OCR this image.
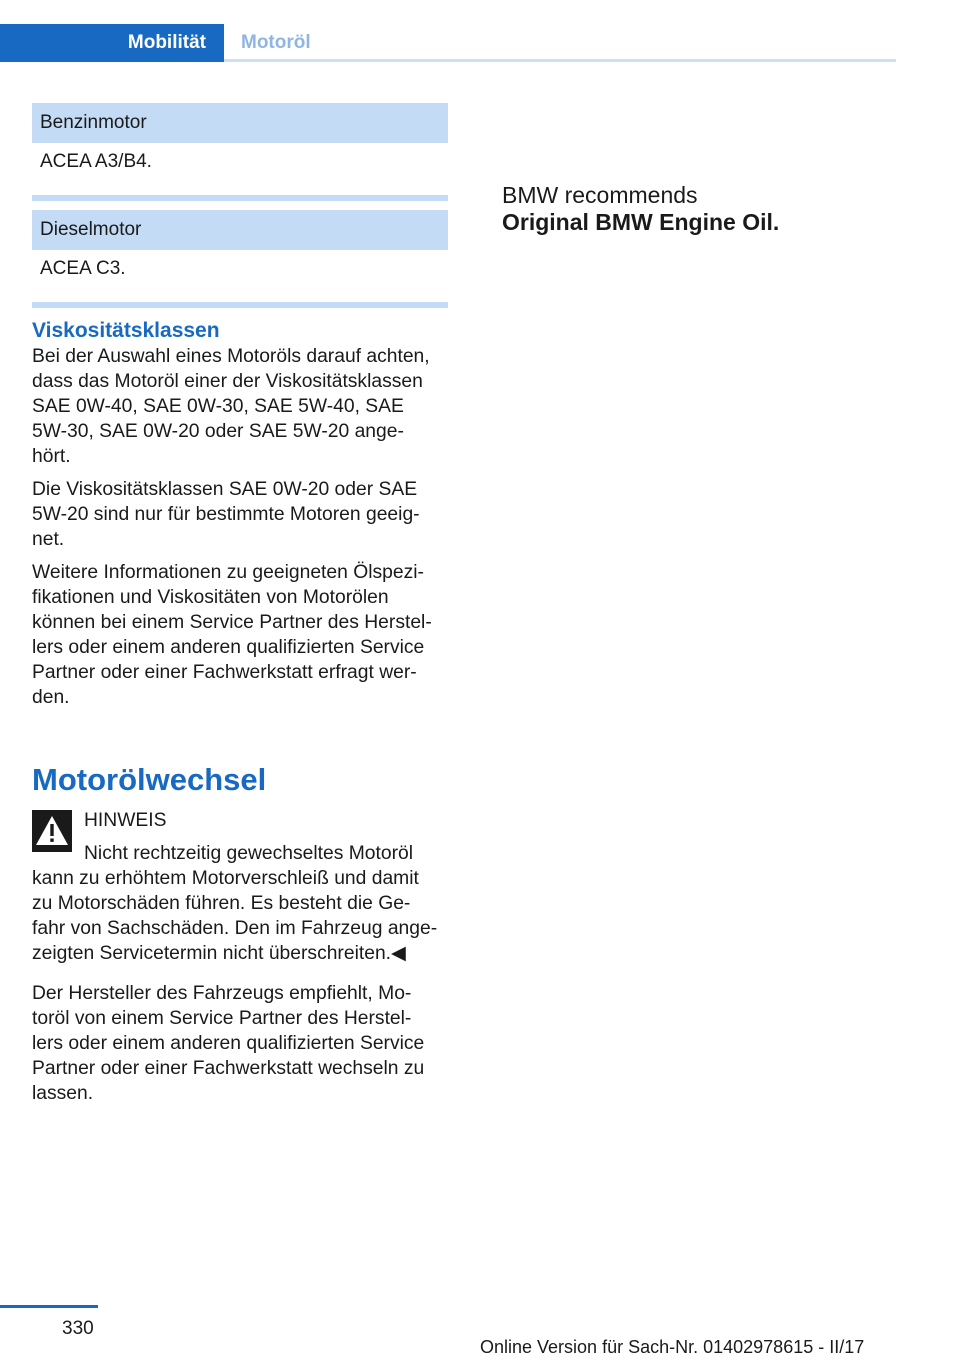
Mobilität	Motoröl
Benzinmotor
ACEA A3/B4.
Dieselmotor
ACEA C3.
Viskositätsklassen

Bei der Auswahl eines Motoröls darauf achten,
dass das Motoröl einer der Viskositätsklassen
SAE 0W-40, SAE 0W-30, SAE 5W-40, SAE
5W-30, SAE 0W-20 oder SAE 5W-20 ange‐
hört.

Die Viskositätsklassen SAE 0W-20 oder SAE
5W-20 sind nur für bestimmte Motoren geeig‐
net.

Weitere Informationen zu geeigneten Ölspezi‐
fikationen und Viskositäten von Motorölen
können bei einem Service Partner des Herstel‐
lers oder einem anderen qualifizierten Service
Partner oder einer Fachwerkstatt erfragt wer‐
den.

Motorölwechsel
HINWEIS

Nicht rechtzeitig gewechseltes Motoröl
kann zu erhöhtem Motorverschleiß und damit
zu Motorschäden führen. Es besteht die Ge‐
fahr von Sachschäden. Den im Fahrzeug ange‐
zeigten Servicetermin nicht überschreiten.◀

Der Hersteller des Fahrzeugs empfiehlt, Mo‐
toröl von einem Service Partner des Herstel‐
lers oder einem anderen qualifizierten Service
Partner oder einer Fachwerkstatt wechseln zu
lassen.

BMW recommends
Original BMW Engine Oil.
330
Online Version für Sach-Nr. 01402978615 - II/17
